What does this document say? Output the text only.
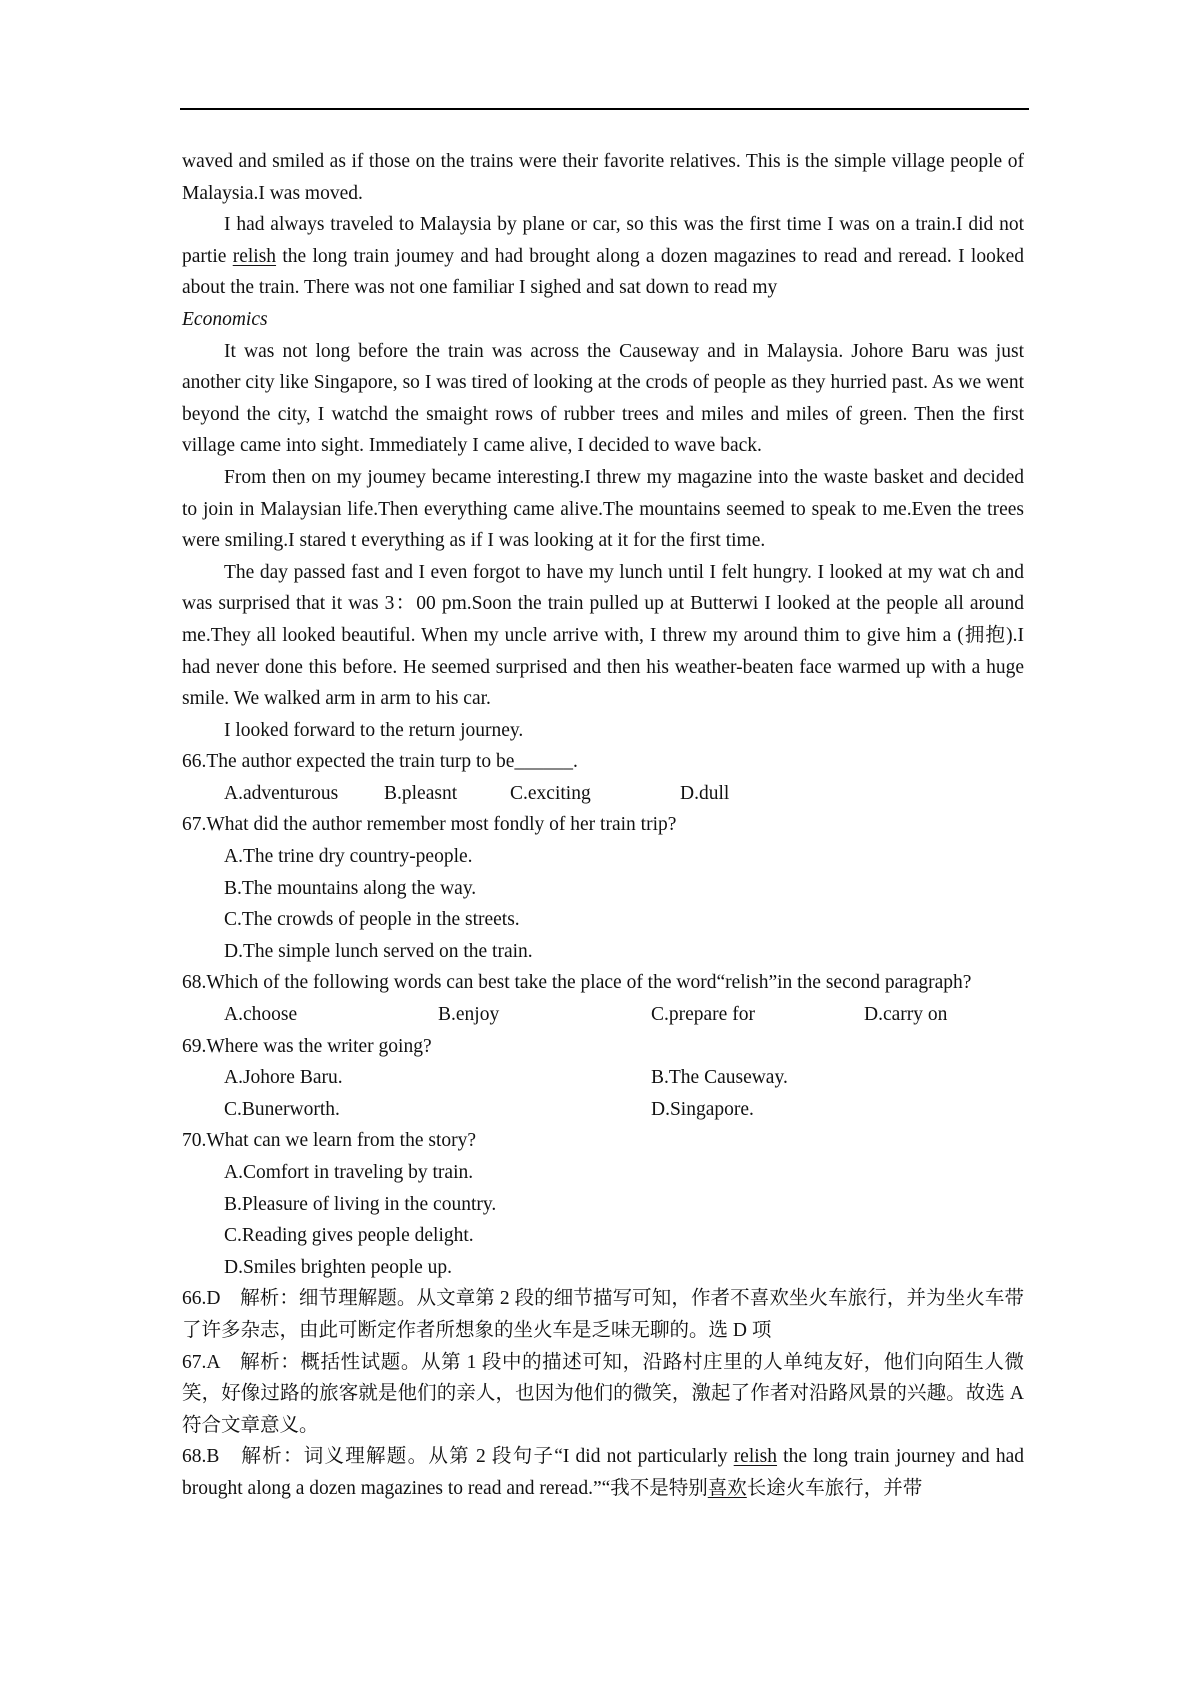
waved and smiled as if those on the trains were their favorite relatives. This is the simple village people of Malaysia.I was moved.

I had always traveled to Malaysia by plane or car, so this was the first time I was on a train.I did not partie relish the long train joumey and had brought along a dozen magazines to read and reread. I looked about the train. There was not one familiar I sighed and sat down to read my
Economics

It was not long before the train was across the Causeway and in Malaysia. Johore Baru was just another city like Singapore, so I was tired of looking at the crods of people as they hurried past. As we went beyond the city, I watchd the smaight rows of rubber trees and miles and miles of green. Then the first village came into sight. Immediately I came alive, I decided to wave back.

From then on my joumey became interesting.I threw my magazine into the waste basket and decided to join in Malaysian life.Then everything came alive.The mountains seemed to speak to me.Even the trees were smiling.I stared t everything as if I was looking at it for the first time.

The day passed fast and I even forgot to have my lunch until I felt hungry. I looked at my wat ch and was surprised that it was 3：00 pm.Soon the train pulled up at Butterwi I looked at the people all around me.They all looked beautiful. When my uncle arrive with, I threw my around thim to give him a (拥抱).I had never done this before. He seemed surprised and then his weather-beaten face warmed up with a huge smile. We walked arm in arm to his car.

I looked forward to the return journey.

66.The author expected the train turp to be______.

A.adventurous	B.pleasnt	C.exciting	D.dull

67.What did the author remember most fondly of her train trip?

A.The trine dry country-people.

B.The mountains along the way.

C.The crowds of people in the streets.

D.The simple lunch served on the train.

68.Which of the following words can best take the place of the word“relish”in the second paragraph?

A.choose	B.enjoy	C.prepare for	D.carry on

69.Where was the writer going?

A.Johore Baru.	B.The Causeway.
C.Bunerworth.	D.Singapore.

70.What can we learn from the story?

A.Comfort in traveling by train.

B.Pleasure of living in the country.

C.Reading gives people delight.

D.Smiles brighten people up.

66.D　解析：细节理解题。从文章第 2 段的细节描写可知，作者不喜欢坐火车旅行，并为坐火车带了许多杂志，由此可断定作者所想象的坐火车是乏味无聊的。选 D 项

67.A　解析：概括性试题。从第 1 段中的描述可知，沿路村庄里的人单纯友好，他们向陌生人微笑，好像过路的旅客就是他们的亲人，也因为他们的微笑，激起了作者对沿路风景的兴趣。故选 A 符合文章意义。

68.B　解析：词义理解题。从第 2 段句子“I did not particularly relish the long train journey and had brought along a dozen magazines to read and reread.”“我不是特别喜欢长途火车旅行，并带
